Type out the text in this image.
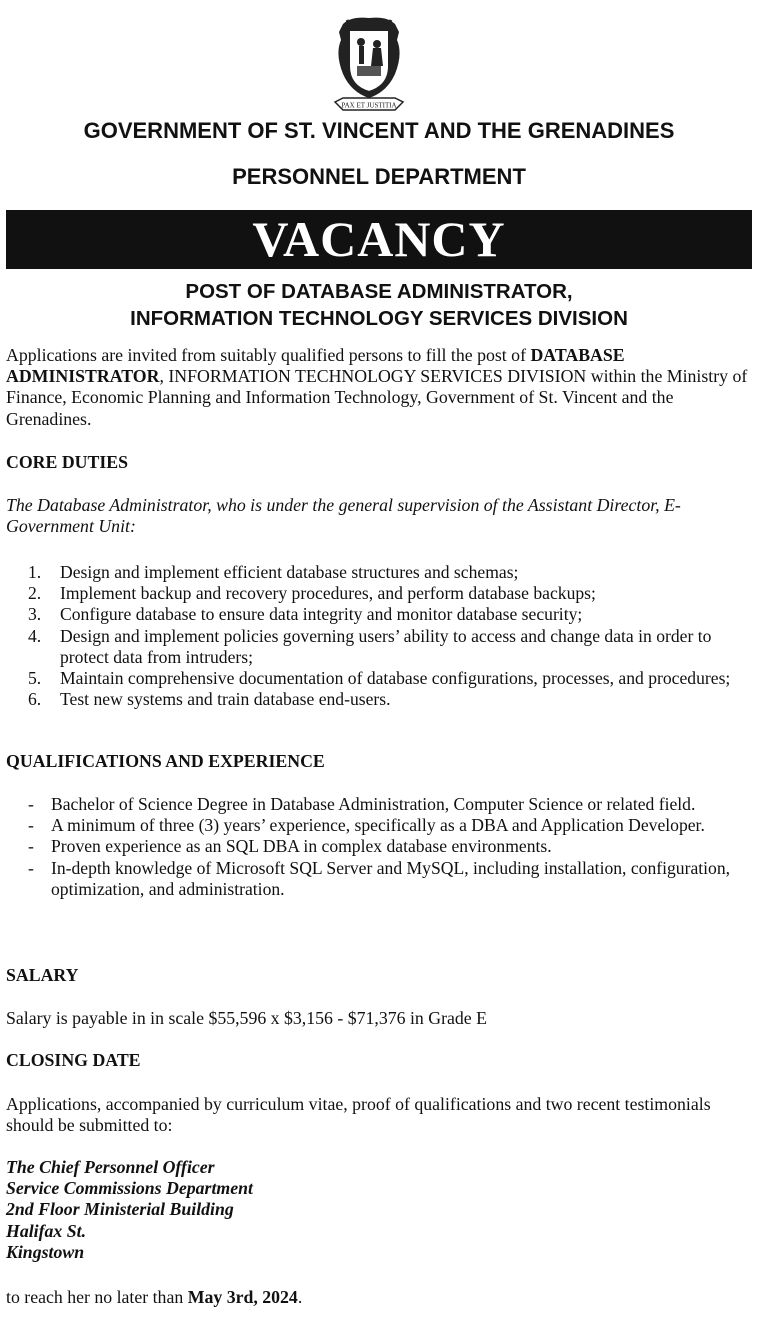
PAX ET JUSTITIA
GOVERNMENT OF ST. VINCENT AND THE GRENADINES
PERSONNEL DEPARTMENT
VACANCY
POST OF DATABASE ADMINISTRATOR,
INFORMATION TECHNOLOGY SERVICES DIVISION

Applications are invited from suitably qualified persons to fill the post of DATABASE ADMINISTRATOR, INFORMATION TECHNOLOGY SERVICES DIVISION within the Ministry of Finance, Economic Planning and Information Technology, Government of St. Vincent and the Grenadines.

CORE DUTIES

The Database Administrator, who is under the general supervision of the Assistant Director, E-Government Unit:

1. Design and implement efficient database structures and schemas;
2. Implement backup and recovery procedures, and perform database backups;
3. Configure database to ensure data integrity and monitor database security;
4. Design and implement policies governing users’ ability to access and change data in order to protect data from intruders;
5. Maintain comprehensive documentation of database configurations, processes, and procedures;
6. Test new systems and train database end-users.

QUALIFICATIONS AND EXPERIENCE

- Bachelor of Science Degree in Database Administration, Computer Science or related field.
- A minimum of three (3) years’ experience, specifically as a DBA and Application Developer.
- Proven experience as an SQL DBA in complex database environments.
- In-depth knowledge of Microsoft SQL Server and MySQL, including installation, configuration, optimization, and administration.

SALARY

Salary is payable in in scale $55,596 x $3,156 - $71,376 in Grade E

CLOSING DATE

Applications, accompanied by curriculum vitae, proof of qualifications and two recent testimonials should be submitted to:

The Chief Personnel Officer
Service Commissions Department
2nd Floor Ministerial Building
Halifax St.
Kingstown

to reach her no later than May 3rd, 2024.
